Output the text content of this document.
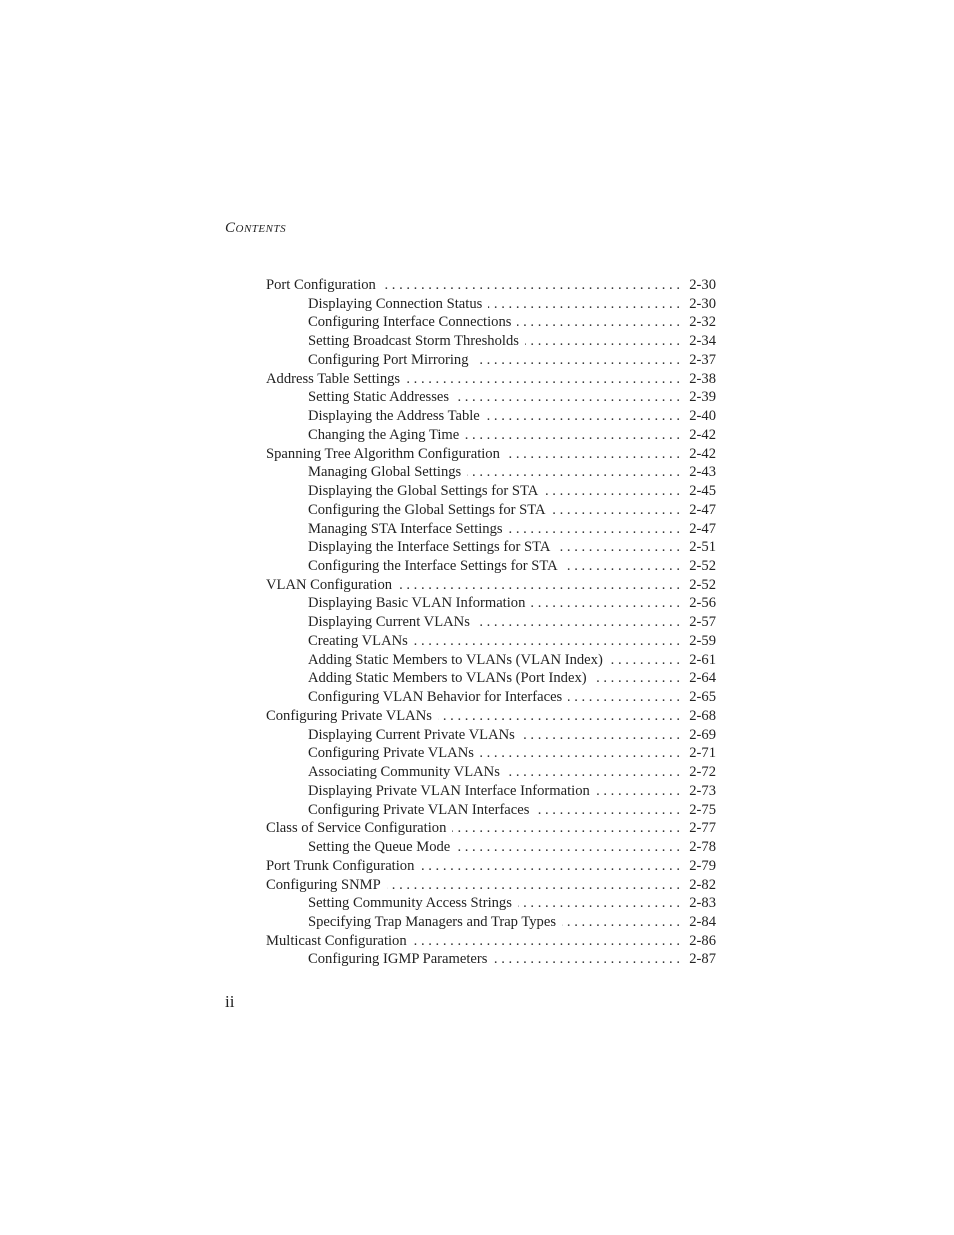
Contents
Port Configuration . . .	2-30
Displaying Connection Status . . .	2-30
Configuring Interface Connections . . .	2-32
Setting Broadcast Storm Thresholds . . .	2-34
Configuring Port Mirroring . . .	2-37
Address Table Settings . . .	2-38
Setting Static Addresses . . .	2-39
Displaying the Address Table . . .	2-40
Changing the Aging Time . . .	2-42
Spanning Tree Algorithm Configuration . . .	2-42
Managing Global Settings . . .	2-43
Displaying the Global Settings for STA . . .	2-45
Configuring the Global Settings for STA . . .	2-47
Managing STA Interface Settings . . .	2-47
Displaying the Interface Settings for STA . . .	2-51
Configuring the Interface Settings for STA . . .	2-52
VLAN Configuration . . .	2-52
Displaying Basic VLAN Information . . .	2-56
Displaying Current VLANs . . .	2-57
Creating VLANs . . .	2-59
Adding Static Members to VLANs (VLAN Index) . . .	2-61
Adding Static Members to VLANs (Port Index) . . .	2-64
Configuring VLAN Behavior for Interfaces . . .	2-65
Configuring Private VLANs . . .	2-68
Displaying Current Private VLANs . . .	2-69
Configuring Private VLANs . . .	2-71
Associating Community VLANs . . .	2-72
Displaying Private VLAN Interface Information . . .	2-73
Configuring Private VLAN Interfaces . . .	2-75
Class of Service Configuration . . .	2-77
Setting the Queue Mode . . .	2-78
Port Trunk Configuration . . .	2-79
Configuring SNMP . . .	2-82
Setting Community Access Strings . . .	2-83
Specifying Trap Managers and Trap Types . . .	2-84
Multicast Configuration . . .	2-86
Configuring IGMP Parameters . . .	2-87
ii
